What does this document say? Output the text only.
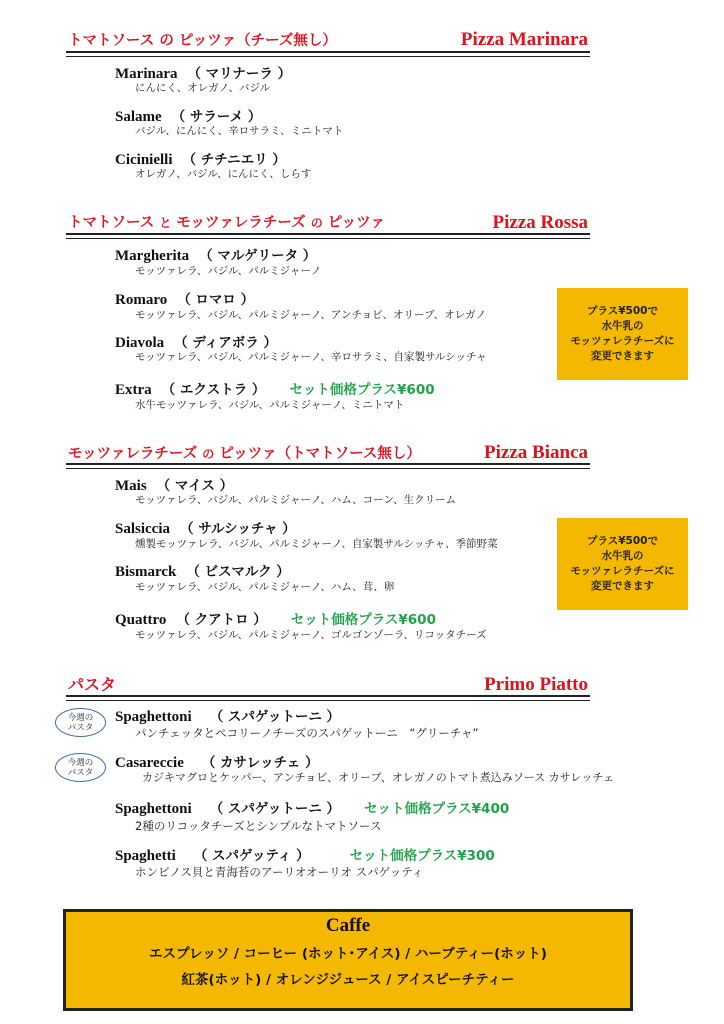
トマトソース の ピッツァ（チーズ無し）	Pizza Marinara
Marinara （ マリナーラ ）
にんにく、オレガノ、バジル
Salame （ サラーメ ）
バジル、にんにく、辛ロサラミ、ミニトマト
Cicinielli （ チチニエリ ）
オレガノ、バジル、にんにく、しらす
トマトソース と モッツァレラチーズ の ピッツァ	Pizza Rossa
Margherita （ マルゲリータ ）
モッツァレラ、バジル、パルミジャーノ
Romaro （ ロマロ ）
モッツァレラ、バジル、パルミジャーノ、アンチョビ、オリーブ、オレガノ
Diavola （ ディアボラ ）
モッツァレラ、バジル、パルミジャーノ、辛ロサラミ、自家製サルシッチャ
Extra （ エクストラ ） セット価格プラス¥600
水牛モッツァレラ、バジル、パルミジャーノ、ミニトマト
プラス¥500で
水牛乳の
モッツァレラチーズに
変更できます
モッツァレラチーズ の ピッツァ（トマトソース無し）	Pizza Bianca
Mais （ マイス ）
モッツァレラ、バジル、パルミジャーノ、ハム、コーン、生クリーム
Salsiccia （ サルシッチャ ）
燻製モッツァレラ、バジル、パルミジャーノ、自家製サルシッチャ、季節野菜
Bismarck （ ビスマルク ）
モッツァレラ、バジル、パルミジャーノ、ハム、茸、卵
Quattro （ クアトロ ） セット価格プラス¥600
モッツァレラ、バジル、パルミジャーノ、ゴルゴンゾーラ、リコッタチーズ
プラス¥500で
水牛乳の
モッツァレラチーズに
変更できます
パスタ	Primo Piatto
今週の
パスタ
Spaghettoni （ スパゲットーニ ）
パンチェッタとペコリーノチーズのスパゲットーニ　“グリーチャ”
今週の
パスタ
Casareccie （ カサレッチェ ）
カジキマグロとケッパー、アンチョビ、オリーブ、オレガノのトマト煮込みソース カサレッチェ
Spaghettoni （ スパゲットーニ ） セット価格プラス¥400
2種のリコッタチーズとシンプルなトマトソース
Spaghetti （ スパゲッティ ）	セット価格プラス¥300
ホンビノス貝と青海苔のアーリオオーリオ スパゲッティ
Caffe
エスプレッソ / コーヒー (ホット･アイス) / ハーブティー(ホット)
紅茶(ホット) / オレンジジュース / アイスピーチティー
